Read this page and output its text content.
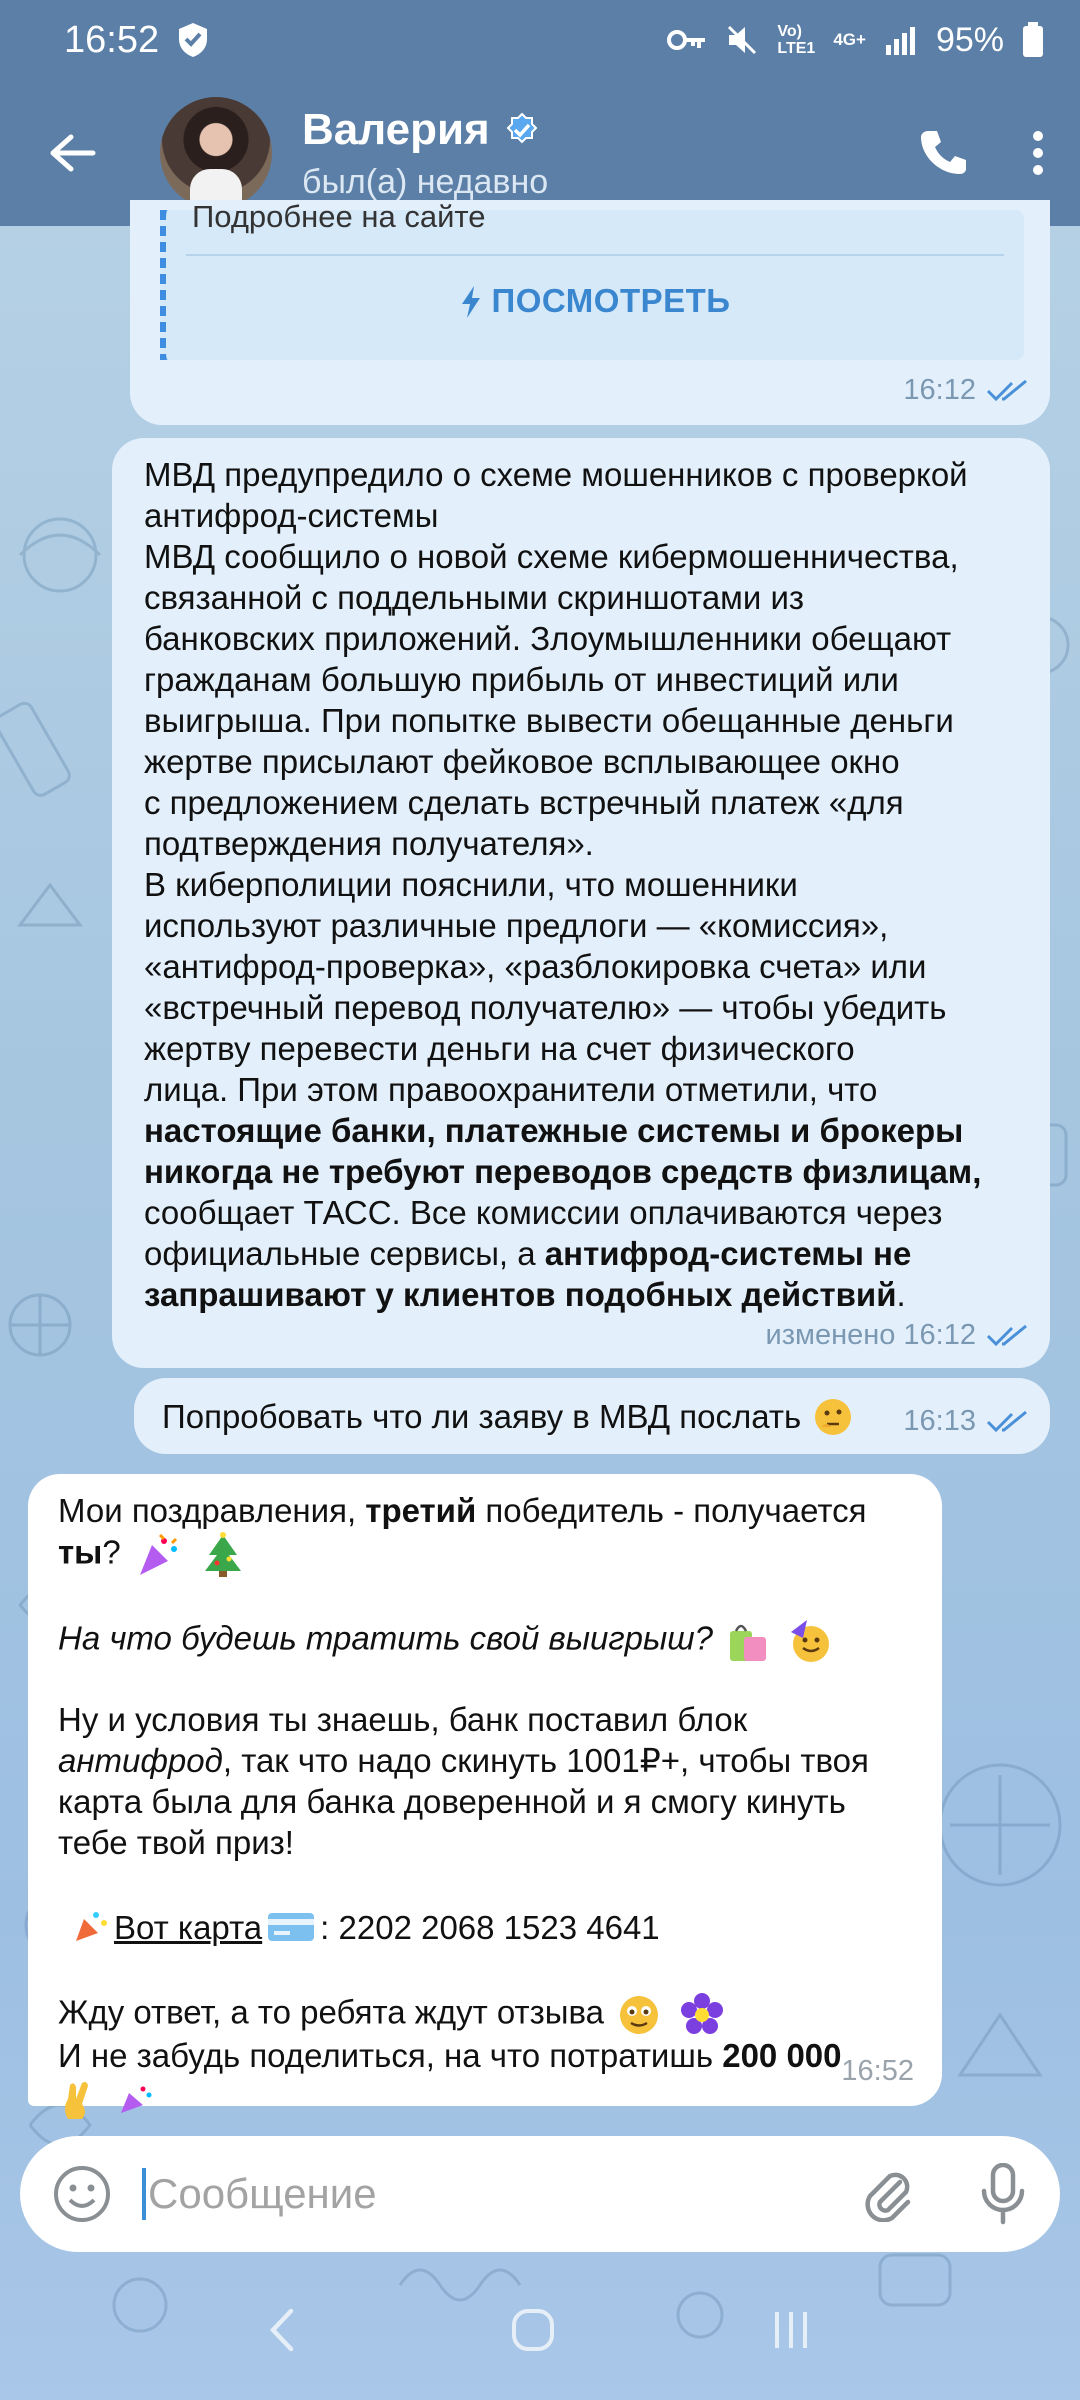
16:52	Vo)
LTE1 4G+ 95%
Валерия
был(а) недавно
Подробнее на сайте
ПОСМОТРЕТЬ
16:12

МВД предупредило о схеме мошенников с проверкой

антифрод-системы

МВД сообщило о новой схеме кибермошенничества,

связанной с поддельными скриншотами из

банковских приложений. Злоумышленники обещают

гражданам большую прибыль от инвестиций или

выигрыша. При попытке вывести обещанные деньги

жертве присылают фейковое всплывающее окно

с предложением сделать встречный платеж «для

подтверждения получателя».

В киберполиции пояснили, что мошенники

используют различные предлоги — «комиссия»,

«антифрод-проверка», «разблокировка счета» или

«встречный перевод получателю» — чтобы убедить

жертву перевести деньги на счет физического

лица. При этом правоохранители отметили, что

настоящие банки, платежные системы и брокеры

никогда не требуют переводов средств физлицам,

сообщает ТАСС. Все комиссии оплачиваются через

официальные сервисы, а антифрод-системы не

запрашивают у клиентов подобных действий.

изменено 16:12
Попробовать что ли заяву в МВД послать	16:13

Мои поздравления, третий победитель - получается

ты?

На что будешь тратить свой выигрыш?

Ну и условия ты знаешь, банк поставил блок

антифрод, так что надо скинуть 1001₽+, чтобы твоя

карта была для банка доверенной и я смогу кинуть

тебе твой приз!

Вот карта : 2202 2068 1523 4641

Жду ответ, а то ребята ждут отзыва

И не забудь поделиться, на что потратишь 200 000

16:52
Сообщение
